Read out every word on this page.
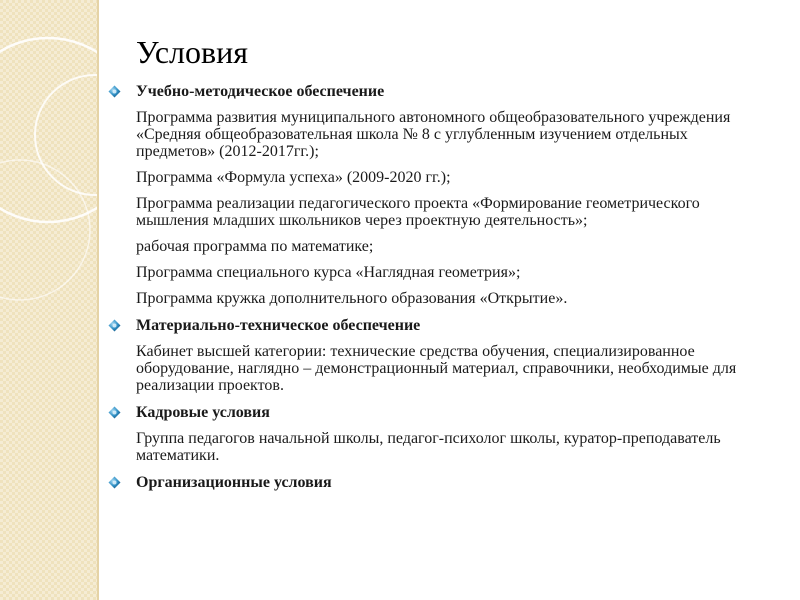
Условия
Учебно-методическое обеспечение

Программа развития муниципального автономного общеобразовательного учреждения «Средняя общеобразовательная школа № 8 с углубленным изучением отдельных предметов» (2012-2017гг.);

Программа «Формула успеха» (2009-2020 гг.);

Программа реализации педагогического проекта «Формирование геометрического мышления младших школьников через проектную деятельность»;

рабочая программа по математике;

Программа специального курса «Наглядная геометрия»;

Программа кружка дополнительного образования «Открытие».

Материально-техническое обеспечение

Кабинет высшей категории: технические средства обучения, специализированное оборудование, наглядно – демонстрационный материал, справочники, необходимые для реализации проектов.

Кадровые условия

Группа педагогов начальной школы, педагог-психолог школы, куратор-преподаватель математики.

Организационные условия
